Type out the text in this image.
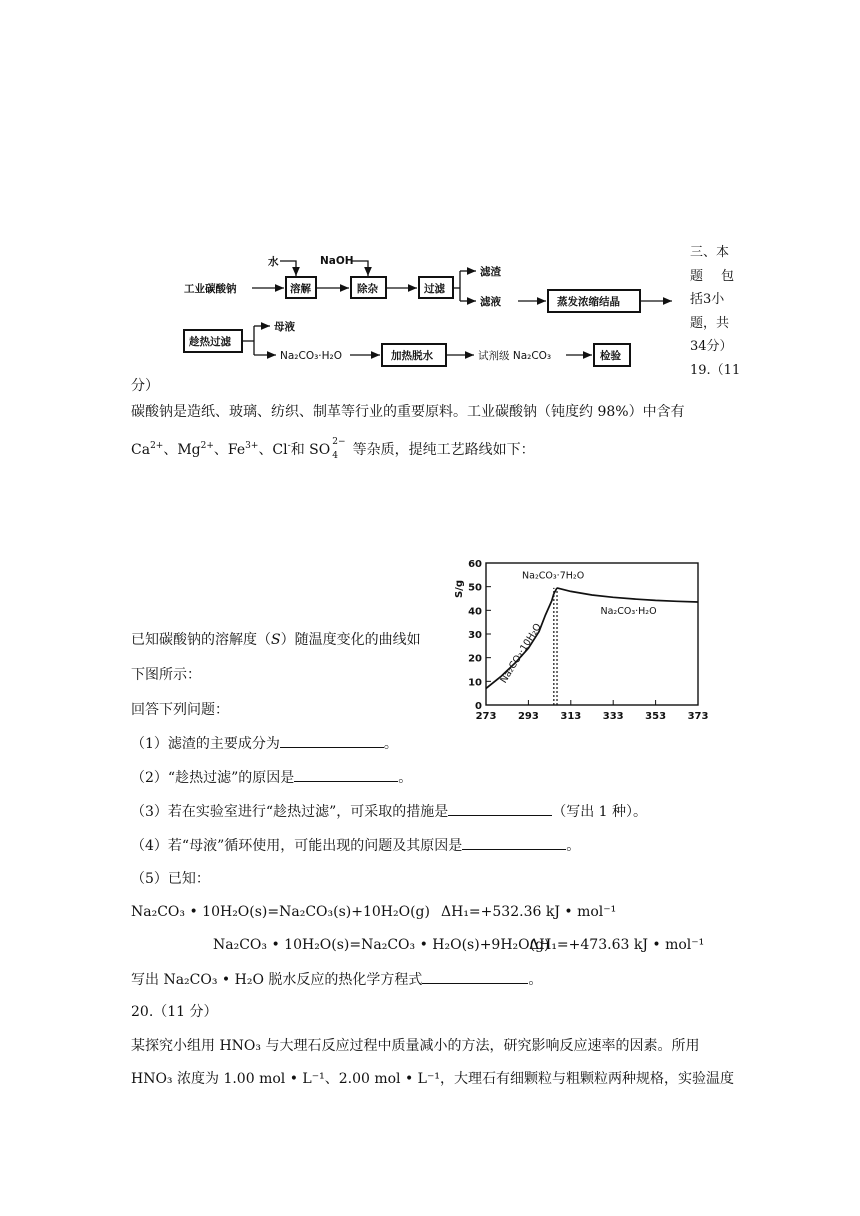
三、本
题 包
括3小
题，共
34分）
19.（11
水	NaOH
工业碳酸钠	溶解	除杂	过滤
滤渣
滤液	蒸发浓缩结晶
趁热过滤
母液
Na₂CO₃·H₂O	加热脱水	试剂级 Na₂CO₃	检验
分）
碳酸钠是造纸、玻璃、纺织、制革等行业的重要原料。工业碳酸钠（钝度约 98%）中含有
$Ca^{2+}$、$Mg^{2+}$、$Fe^{3+}$、Cl-和 SO 2−
4 等杂质，提纯工艺路线如下：
已知碳酸钠的溶解度（S）随温度变化的曲线如
下图所示：
0
10
20
30
40
50
60
273 293 313 333 353 373
S/g
Na₂CO₃·10H₂O
Na₂CO₃·7H₂O
Na₂CO₃·H₂O
回答下列问题：
（1）滤渣的主要成分为	。
（2）“趁热过滤”的原因是	。
（3）若在实验室进行“趁热过滤”，可采取的措施是	（写出 1 种）。
（4）若“母液”循环使用，可能出现的问题及其原因是	。
（5）已知：
Na₂CO₃ • 10H₂O(s)=Na₂CO₃(s)+10H₂O(g) ΔH₁=+532.36 kJ • mol⁻¹
Na₂CO₃ • 10H₂O(s)=Na₂CO₃ • H₂O(s)+9H₂O(g)
ΔH₁=+473.63 kJ • mol⁻¹
写出 Na₂CO₃ • H₂O 脱水反应的热化学方程式	。
20.（11 分）
某探究小组用 HNO₃ 与大理石反应过程中质量减小的方法，研究影响反应速率的因素。所用
HNO₃ 浓度为 1.00 mol • L⁻¹、2.00 mol • L⁻¹，大理石有细颗粒与粗颗粒两种规格，实验温度
